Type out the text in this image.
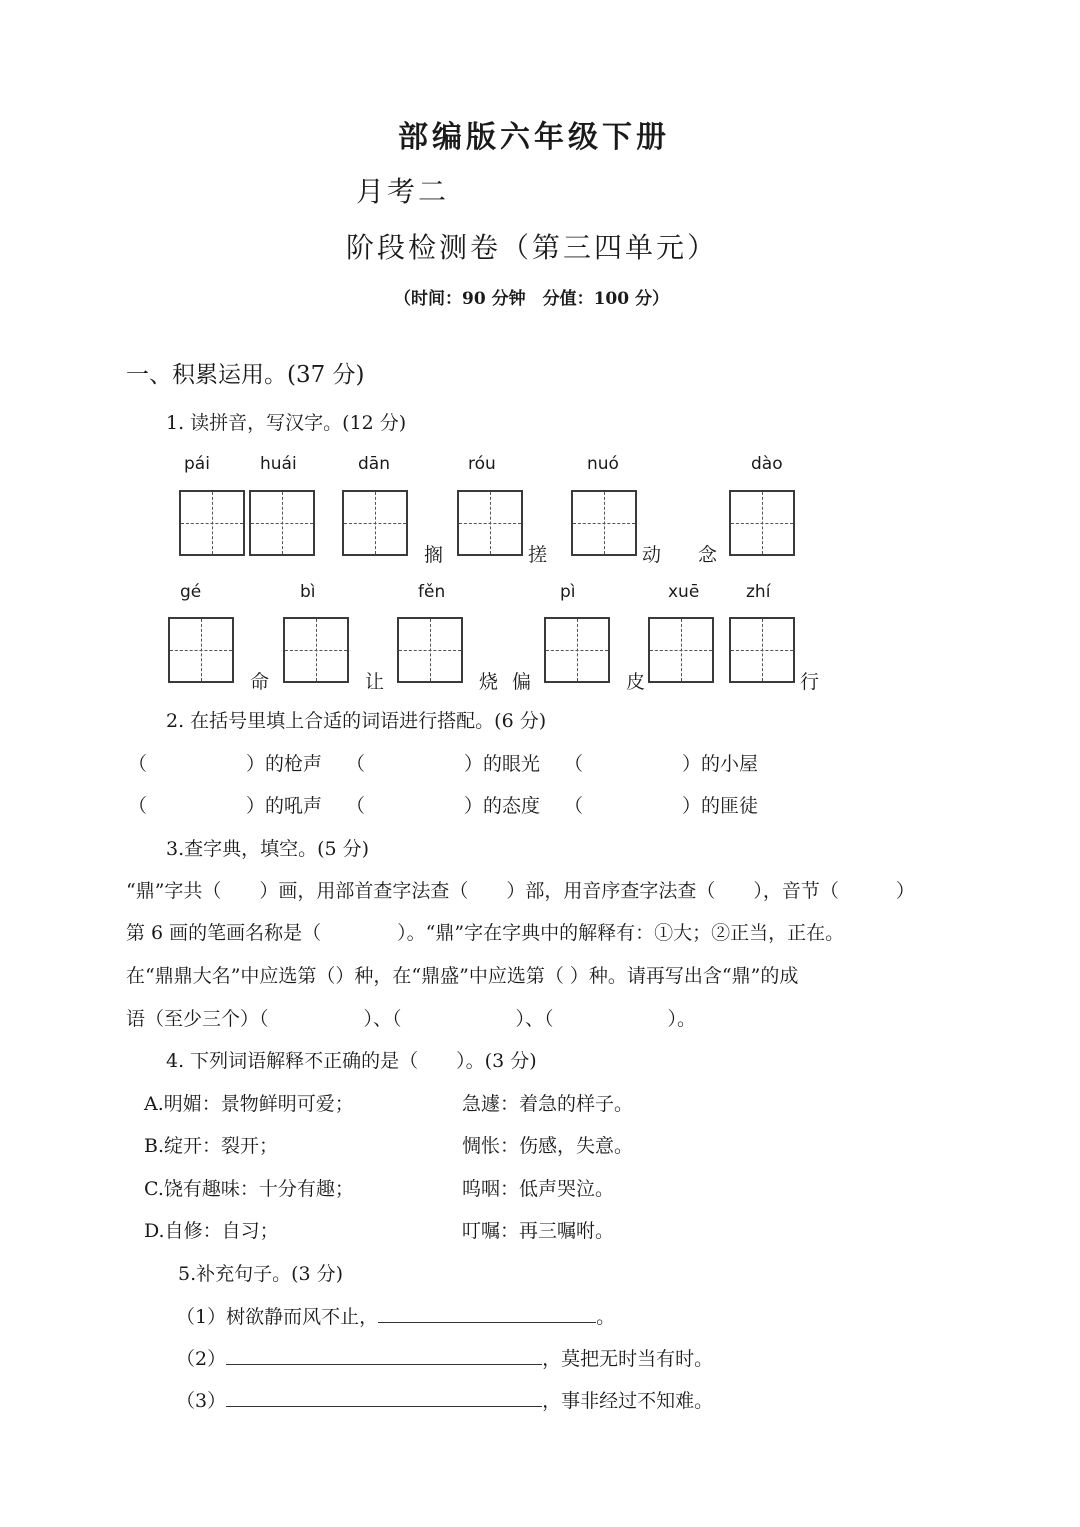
部编版六年级下册
月考二
阶段检测卷（第三四单元）
（时间：90 分钟　分值：100 分）
一、积累运用。(37 分)
1. 读拼音，写汉字。(12 分)
pái	huái	dān	róu	nuó	dào
搁	搓	动 念
gé	bì	fěn	pì	xuē	zhí
命	让	烧 偏	皮	行
2. 在括号里填上合适的词语进行搭配。(6 分)
（	）的枪声 （	）的眼光 （	）的小屋
（	）的吼声 （	）的态度 （	）的匪徒
3.查字典，填空。(5 分)
“鼎”字共（　　）画，用部首查字法查（　　）部，用音序查字法查（　　），音节（　　　）
第 6 画的笔画名称是（　　　　）。“鼎”字在字典中的解释有：①大；②正当，正在。
在“鼎鼎大名”中应选第（）种，在“鼎盛”中应选第（ ）种。请再写出含“鼎”的成
语（至少三个）（　　　　　）、（　　　　　　）、（　　　　　　）。
4. 下列词语解释不正确的是（　　）。(3 分)
A.明媚：景物鲜明可爱；	急遽：着急的样子。
B.绽开：裂开；	惆怅：伤感，失意。
C.饶有趣味：十分有趣；	呜咽：低声哭泣。
D.自修：自习；	叮嘱：再三嘱咐。
5.补充句子。(3 分)
（1）树欲静而风不止，	。
（2）	，莫把无时当有时。
（3）	，事非经过不知难。
